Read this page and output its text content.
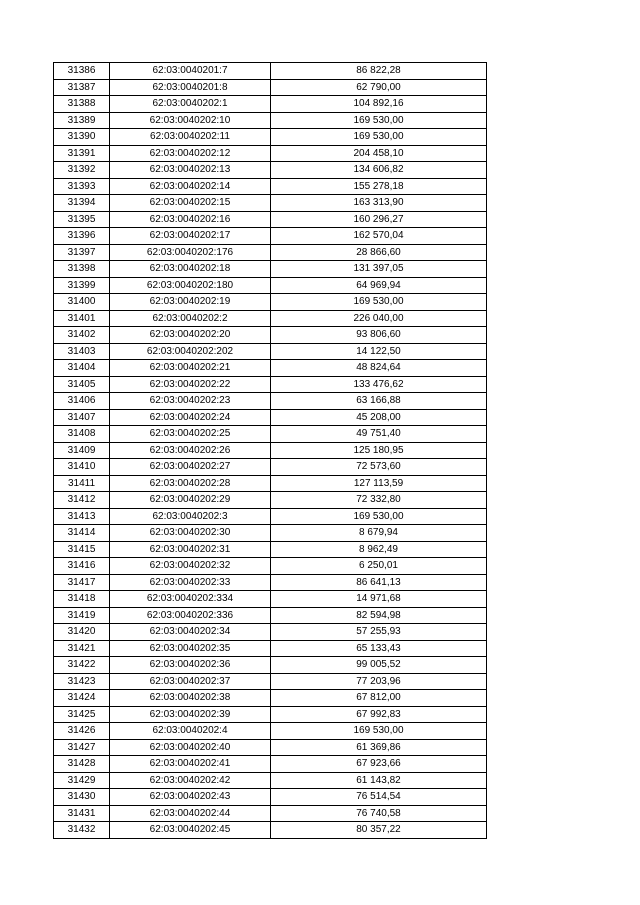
31386	62:03:0040201:7	86 822,28
31387	62:03:0040201:8	62 790,00
31388	62:03:0040202:1	104 892,16
31389	62:03:0040202:10	169 530,00
31390	62:03:0040202:11	169 530,00
31391	62:03:0040202:12	204 458,10
31392	62:03:0040202:13	134 606,82
31393	62:03:0040202:14	155 278,18
31394	62:03:0040202:15	163 313,90
31395	62:03:0040202:16	160 296,27
31396	62:03:0040202:17	162 570,04
31397	62:03:0040202:176	28 866,60
31398	62:03:0040202:18	131 397,05
31399	62:03:0040202:180	64 969,94
31400	62:03:0040202:19	169 530,00
31401	62:03:0040202:2	226 040,00
31402	62:03:0040202:20	93 806,60
31403	62:03:0040202:202	14 122,50
31404	62:03:0040202:21	48 824,64
31405	62:03:0040202:22	133 476,62
31406	62:03:0040202:23	63 166,88
31407	62:03:0040202:24	45 208,00
31408	62:03:0040202:25	49 751,40
31409	62:03:0040202:26	125 180,95
31410	62:03:0040202:27	72 573,60
31411	62:03:0040202:28	127 113,59
31412	62:03:0040202:29	72 332,80
31413	62:03:0040202:3	169 530,00
31414	62:03:0040202:30	8 679,94
31415	62:03:0040202:31	8 962,49
31416	62:03:0040202:32	6 250,01
31417	62:03:0040202:33	86 641,13
31418	62:03:0040202:334	14 971,68
31419	62:03:0040202:336	82 594,98
31420	62:03:0040202:34	57 255,93
31421	62:03:0040202:35	65 133,43
31422	62:03:0040202:36	99 005,52
31423	62:03:0040202:37	77 203,96
31424	62:03:0040202:38	67 812,00
31425	62:03:0040202:39	67 992,83
31426	62:03:0040202:4	169 530,00
31427	62:03:0040202:40	61 369,86
31428	62:03:0040202:41	67 923,66
31429	62:03:0040202:42	61 143,82
31430	62:03:0040202:43	76 514,54
31431	62:03:0040202:44	76 740,58
31432	62:03:0040202:45	80 357,22
